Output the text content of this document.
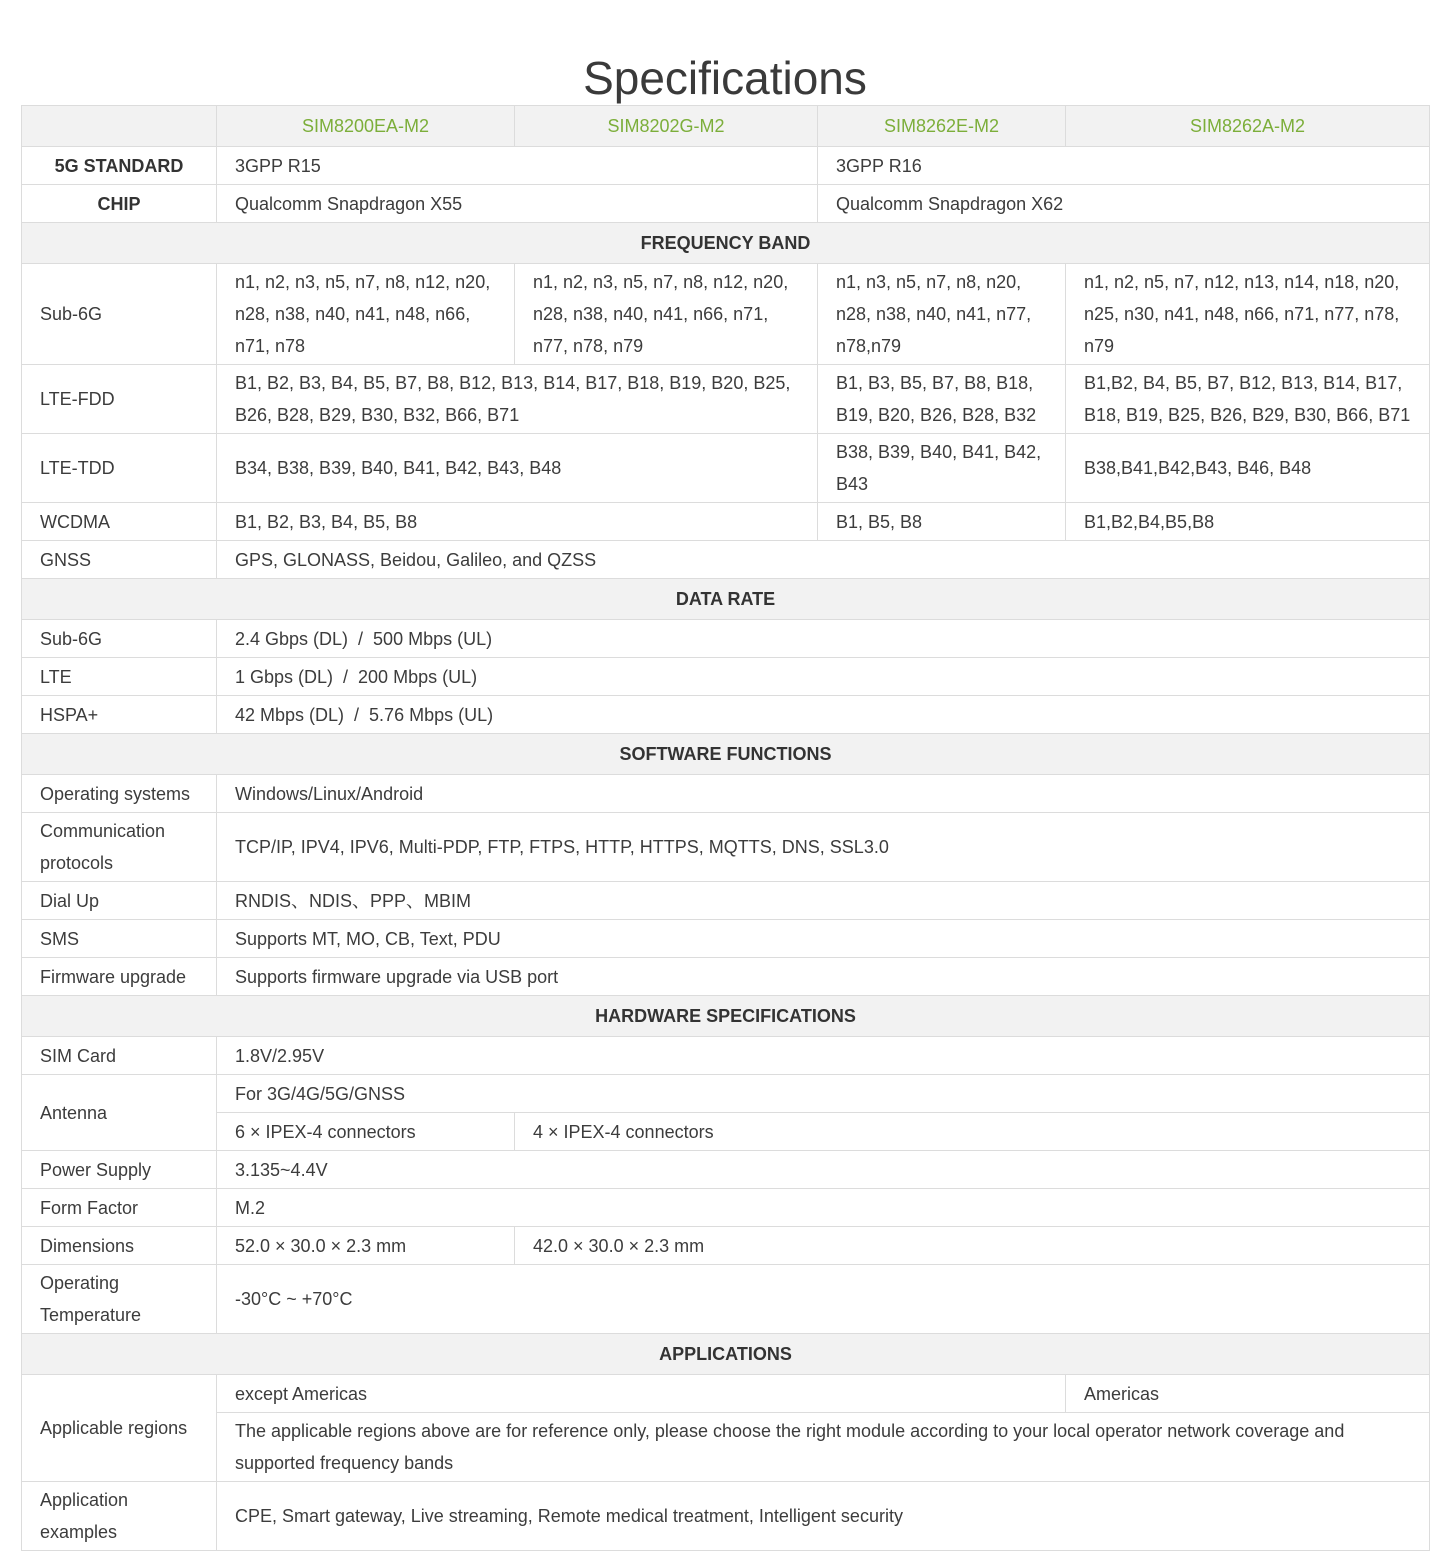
Specifications
	SIM8200EA-M2	SIM8202G-M2	SIM8262E-M2	SIM8262A-M2
5G STANDARD	3GPP R15		3GPP R16	
CHIP	Qualcomm Snapdragon X55		Qualcomm Snapdragon X62	
FREQUENCY BAND				
Sub-6G	n1, n2, n3, n5, n7, n8, n12, n20, n28, n38, n40, n41, n48, n66, n71, n78	n1, n2, n3, n5, n7, n8, n12, n20, n28, n38, n40, n41, n66, n71, n77, n78, n79	n1, n3, n5, n7, n8, n20, n28, n38, n40, n41, n77, n78,n79	n1, n2, n5, n7, n12, n13, n14, n18, n20, n25, n30, n41, n48, n66, n71, n77, n78, n79
LTE-FDD	B1, B2, B3, B4, B5, B7, B8, B12, B13, B14, B17, B18, B19, B20, B25, B26, B28, B29, B30, B32, B66, B71		B1, B3, B5, B7, B8, B18, B19, B20, B26, B28, B32	B1,B2, B4, B5, B7, B12, B13, B14, B17, B18, B19, B25, B26, B29, B30, B66, B71
LTE-TDD	B34, B38, B39, B40, B41, B42, B43, B48		B38, B39, B40, B41, B42, B43	B38,B41,B42,B43, B46, B48
WCDMA	B1, B2, B3, B4, B5, B8		B1, B5, B8	B1,B2,B4,B5,B8
GNSS	GPS, GLONASS, Beidou, Galileo, and QZSS			
DATA RATE				
Sub-6G	2.4 Gbps (DL)  /  500 Mbps (UL)			
LTE	1 Gbps (DL)  /  200 Mbps (UL)			
HSPA+	42 Mbps (DL)  /  5.76 Mbps (UL)			
SOFTWARE FUNCTIONS				
Operating systems	Windows/Linux/Android			
Communication protocols	TCP/IP, IPV4, IPV6, Multi-PDP, FTP, FTPS, HTTP, HTTPS, MQTTS, DNS, SSL3.0			
Dial Up	RNDIS、NDIS、PPP、MBIM			
SMS	Supports MT, MO, CB, Text, PDU			
Firmware upgrade	Supports firmware upgrade via USB port			
HARDWARE SPECIFICATIONS				
SIM Card	1.8V/2.95V			
Antenna	For 3G/4G/5G/GNSS			
	6 × IPEX-4 connectors	4 × IPEX-4 connectors		
Power Supply	3.135~4.4V			
Form Factor	M.2			
Dimensions	52.0 × 30.0 × 2.3 mm	42.0 × 30.0 × 2.3 mm		
Operating Temperature	-30°C ~ +70°C			
APPLICATIONS				
Applicable regions	except Americas			Americas
	The applicable regions above are for reference only, please choose the right module according to your local operator network coverage and supported frequency bands			
Application examples	CPE, Smart gateway, Live streaming, Remote medical treatment, Intelligent security			
